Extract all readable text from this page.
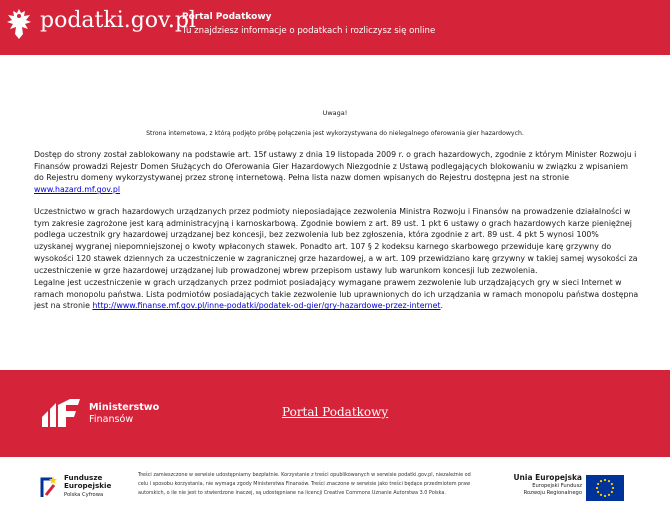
podatki.gov.pl
Portal Podatkowy
Tu znajdziesz informacje o podatkach i rozliczysz się online
Uwaga!
Strona internetowa, z którą podjęto próbę połączenia jest wykorzystywana do nielegalnego oferowania gier hazardowych.

Dostęp do strony został zablokowany na podstawie art. 15f ustawy z dnia 19 listopada 2009 r. o grach hazardowych, zgodnie z którym Minister Rozwoju i Finansów prowadzi Rejestr Domen Służących do Oferowania Gier Hazardowych Niezgodnie z Ustawą podlegających blokowaniu w związku z wpisaniem do Rejestru domeny wykorzystywanej przez stronę internetową. Pełna lista nazw domen wpisanych do Rejestru dostępna jest na stronie www.hazard.mf.gov.pl

Uczestnictwo w grach hazardowych urządzanych przez podmioty nieposiadające zezwolenia Ministra Rozwoju i Finansów na prowadzenie działalności w tym zakresie zagrożone jest karą administracyjną i karnoskarbową. Zgodnie bowiem z art. 89 ust. 1 pkt 6 ustawy o grach hazardowych karze pieniężnej podlega uczestnik gry hazardowej urządzanej bez koncesji, bez zezwolenia lub bez zgłoszenia, która zgodnie z art. 89 ust. 4 pkt 5 wynosi 100% uzyskanej wygranej niepomniejszonej o kwoty wpłaconych stawek. Ponadto art. 107 § 2 kodeksu karnego skarbowego przewiduje karę grzywny do wysokości 120 stawek dziennych za uczestniczenie w zagranicznej grze hazardowej, a w art. 109 przewidziano karę grzywny w takiej samej wysokości za uczestniczenie w grze hazardowej urządzanej lub prowadzonej wbrew przepisom ustawy lub warunkom koncesji lub zezwolenia.

Legalne jest uczestniczenie w grach urządzanych przez podmiot posiadający wymagane prawem zezwolenie lub urządzających gry w sieci Internet w ramach monopolu państwa. Lista podmiotów posiadających takie zezwolenie lub uprawnionych do ich urządzania w ramach monopolu państwa dostępna jest na stronie http://www.finanse.mf.gov.pl/inne-podatki/podatek-od-gier/gry-hazardowe-przez-internet.

Ministerstwo
Finansów
Portal Podatkowy
Fundusze
Europejskie
Polska Cyfrowa
Treści zamieszczone w serwisie udostępniamy bezpłatnie. Korzystanie z treści opublikowanych w serwisie podatki.gov.pl, niezależnie od celu i sposobu korzystania, nie wymaga zgody Ministerstwa Finansów. Treści znaczone w serwisie jako treści będące przedmiotem praw autorskich, o ile nie jest to stwierdzone inaczej, są udostępniane na licencji Creative Commons Uznanie Autorstwa 3.0 Polska.
Unia Europejska
Europejski Fundusz
Rozwoju Regionalnego
